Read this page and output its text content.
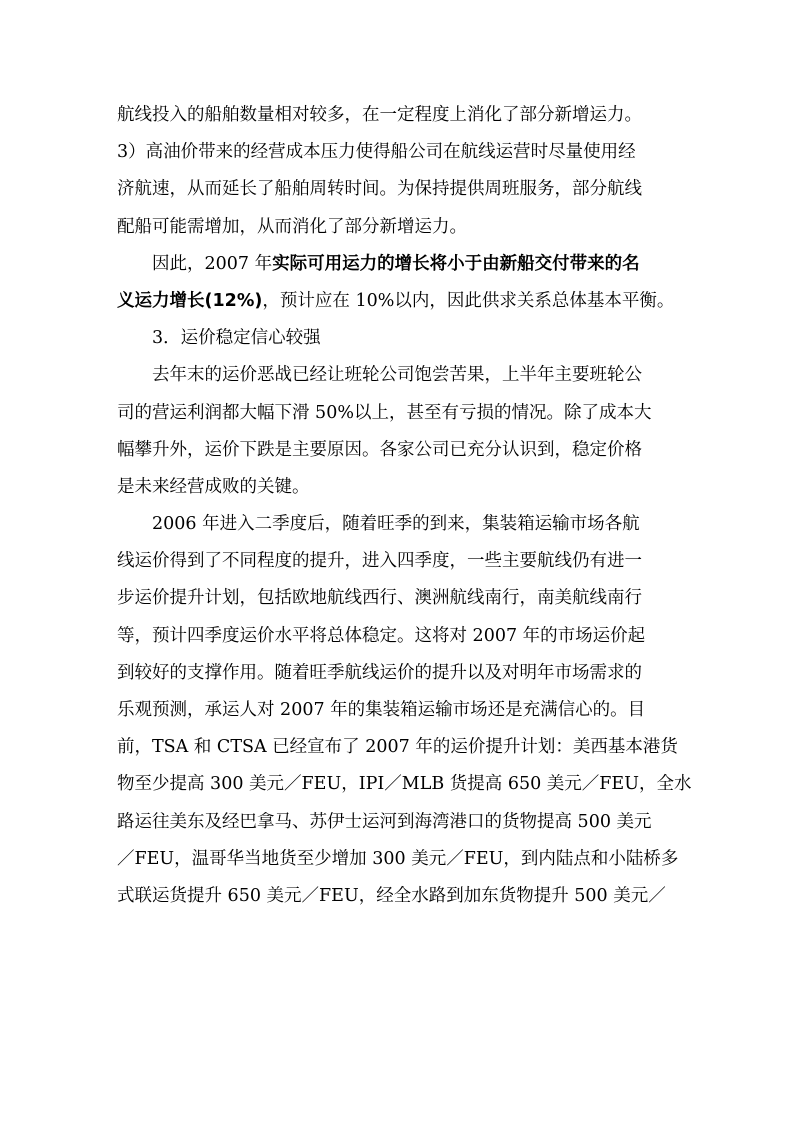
航线投入的船舶数量相对较多，在一定程度上消化了部分新增运力。
3）高油价带来的经营成本压力使得船公司在航线运营时尽量使用经
济航速，从而延长了船舶周转时间。为保持提供周班服务，部分航线
配船可能需增加，从而消化了部分新增运力。
因此，2007 年实际可用运力的增长将小于由新船交付带来的名
义运力增长(12%)，预计应在 10%以内，因此供求关系总体基本平衡。
3．运价稳定信心较强
去年末的运价恶战已经让班轮公司饱尝苦果，上半年主要班轮公
司的营运利润都大幅下滑 50%以上，甚至有亏损的情况。除了成本大
幅攀升外，运价下跌是主要原因。各家公司已充分认识到，稳定价格
是未来经营成败的关键。
2006 年进入二季度后，随着旺季的到来，集装箱运输市场各航
线运价得到了不同程度的提升，进入四季度，一些主要航线仍有进一
步运价提升计划，包括欧地航线西行、澳洲航线南行，南美航线南行
等，预计四季度运价水平将总体稳定。这将对 2007 年的市场运价起
到较好的支撑作用。随着旺季航线运价的提升以及对明年市场需求的
乐观预测，承运人对 2007 年的集装箱运输市场还是充满信心的。目
前，TSA 和 CTSA 已经宣布了 2007 年的运价提升计划：美西基本港货
物至少提高 300 美元／FEU，IPI／MLB 货提高 650 美元／FEU，全水
路运往美东及经巴拿马、苏伊士运河到海湾港口的货物提高 500 美元
／FEU，温哥华当地货至少增加 300 美元／FEU，到内陆点和小陆桥多
式联运货提升 650 美元／FEU，经全水路到加东货物提升 500 美元／
